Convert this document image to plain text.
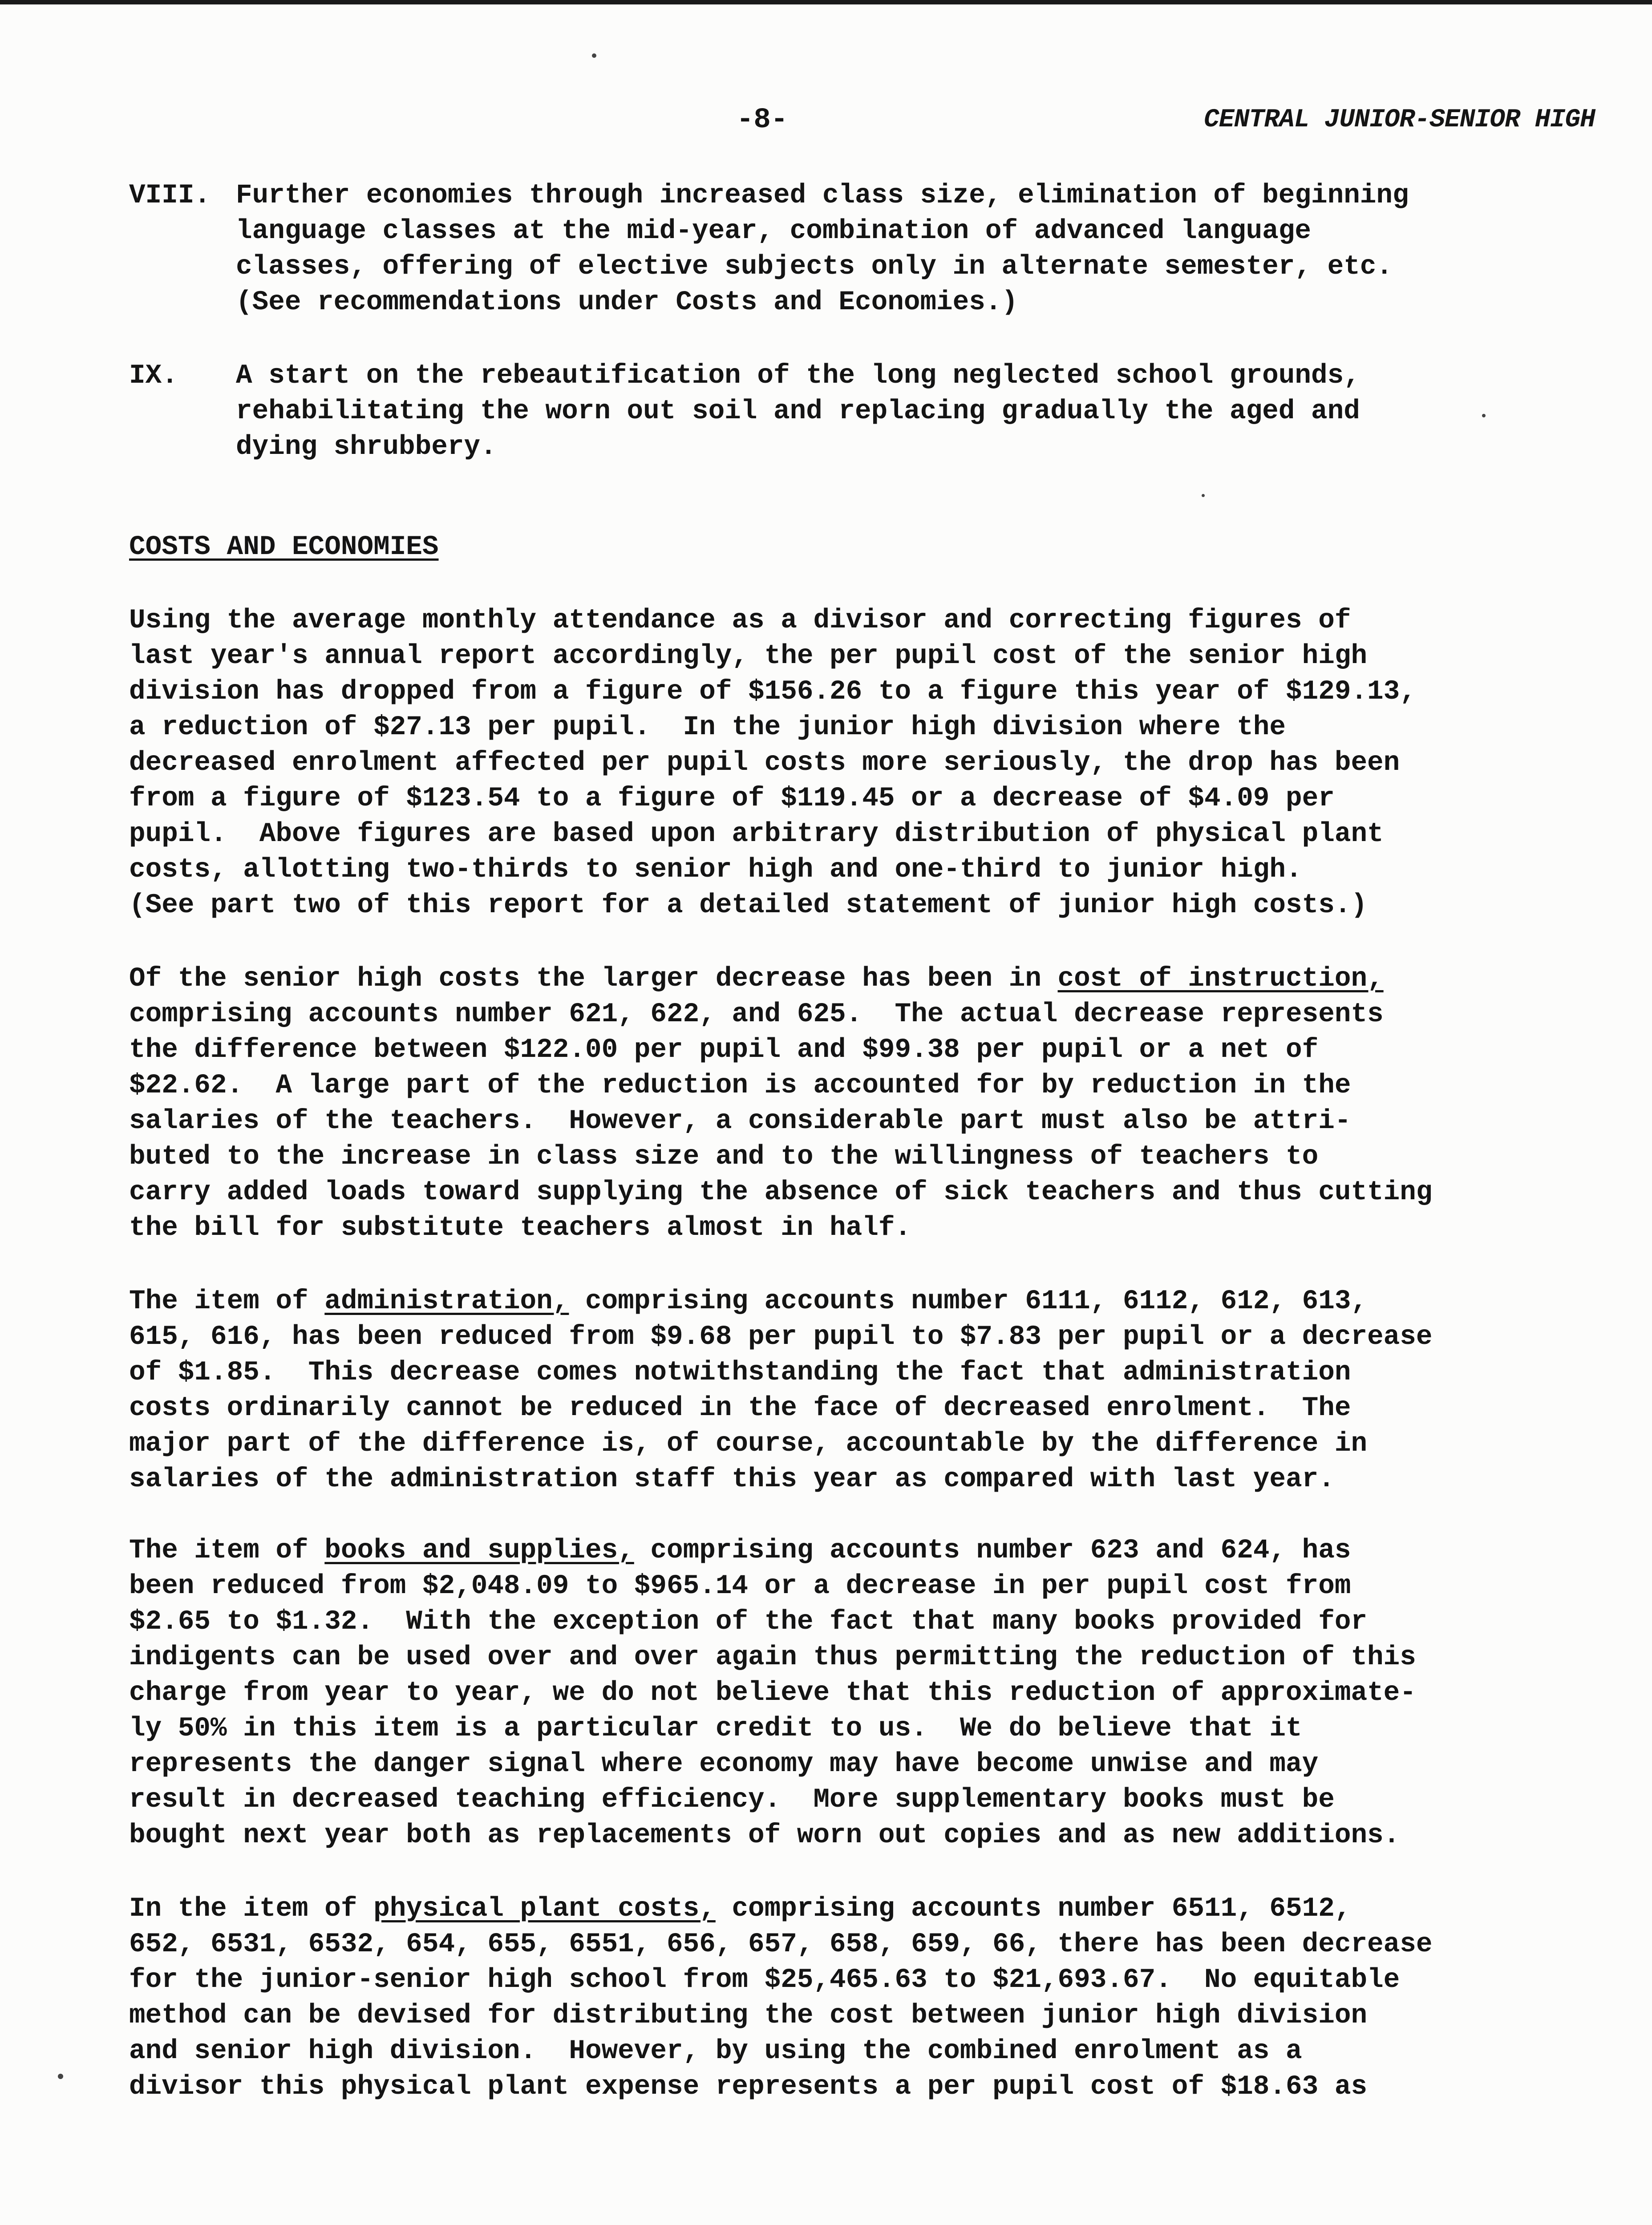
-8-	CENTRAL JUNIOR-SENIOR HIGH
VIII. Further economies through increased class size, elimination of beginning
language classes at the mid-year, combination of advanced language
classes, offering of elective subjects only in alternate semester, etc.
(See recommendations under Costs and Economies.)
IX. A start on the rebeautification of the long neglected school grounds,
rehabilitating the worn out soil and replacing gradually the aged and
dying shrubbery.
COSTS AND ECONOMIES
Using the average monthly attendance as a divisor and correcting figures of
last year's annual report accordingly, the per pupil cost of the senior high
division has dropped from a figure of $156.26 to a figure this year of $129.13,
a reduction of $27.13 per pupil.  In the junior high division where the
decreased enrolment affected per pupil costs more seriously, the drop has been
from a figure of $123.54 to a figure of $119.45 or a decrease of $4.09 per
pupil.  Above figures are based upon arbitrary distribution of physical plant
costs, allotting two-thirds to senior high and one-third to junior high.
(See part two of this report for a detailed statement of junior high costs.)
Of the senior high costs the larger decrease has been in cost of instruction,
comprising accounts number 621, 622, and 625.  The actual decrease represents
the difference between $122.00 per pupil and $99.38 per pupil or a net of
$22.62.  A large part of the reduction is accounted for by reduction in the
salaries of the teachers.  However, a considerable part must also be attri-
buted to the increase in class size and to the willingness of teachers to
carry added loads toward supplying the absence of sick teachers and thus cutting
the bill for substitute teachers almost in half.
The item of administration, comprising accounts number 6111, 6112, 612, 613,
615, 616, has been reduced from $9.68 per pupil to $7.83 per pupil or a decrease
of $1.85.  This decrease comes notwithstanding the fact that administration
costs ordinarily cannot be reduced in the face of decreased enrolment.  The
major part of the difference is, of course, accountable by the difference in
salaries of the administration staff this year as compared with last year.
The item of books and supplies, comprising accounts number 623 and 624, has
been reduced from $2,048.09 to $965.14 or a decrease in per pupil cost from
$2.65 to $1.32.  With the exception of the fact that many books provided for
indigents can be used over and over again thus permitting the reduction of this
charge from year to year, we do not believe that this reduction of approximate-
ly 50% in this item is a particular credit to us.  We do believe that it
represents the danger signal where economy may have become unwise and may
result in decreased teaching efficiency.  More supplementary books must be
bought next year both as replacements of worn out copies and as new additions.
In the item of physical plant costs, comprising accounts number 6511, 6512,
652, 6531, 6532, 654, 655, 6551, 656, 657, 658, 659, 66, there has been decrease
for the junior-senior high school from $25,465.63 to $21,693.67.  No equitable
method can be devised for distributing the cost between junior high division
and senior high division.  However, by using the combined enrolment as a
divisor this physical plant expense represents a per pupil cost of $18.63 as
